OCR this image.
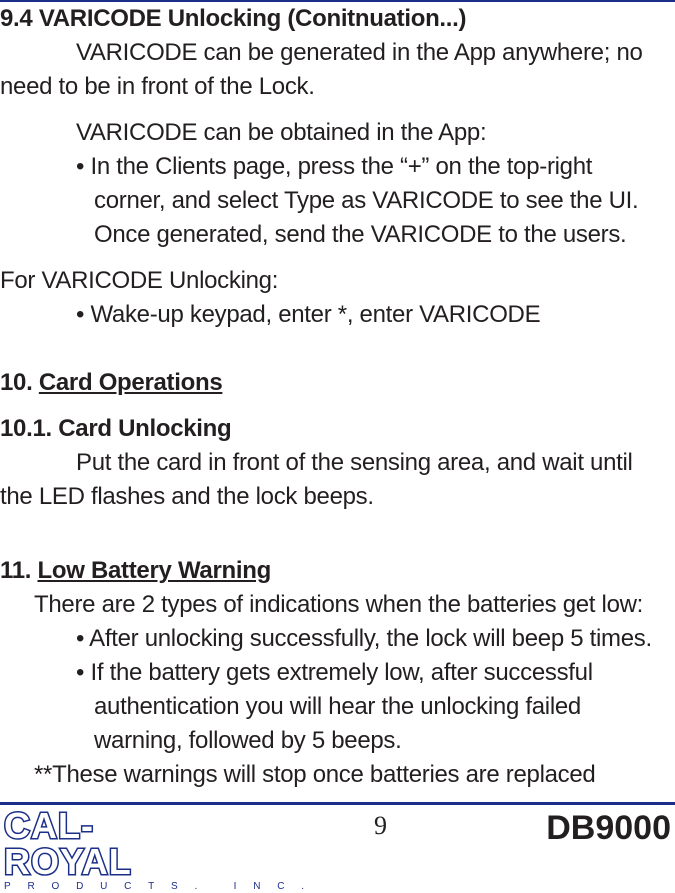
9.4 VARICODE Unlocking (Conitnuation...)
VARICODE can be generated in the App anywhere; no
need to be in front of the Lock.
VARICODE can be obtained in the App:
• In the Clients page, press the “+” on the top-right
corner, and select Type as VARICODE to see the UI.
Once generated, send the VARICODE to the users.
For VARICODE Unlocking:
• Wake-up keypad, enter *, enter VARICODE
10. Card Operations
10.1. Card Unlocking
Put the card in front of the sensing area, and wait until
the LED flashes and the lock beeps.
11. Low Battery Warning
There are 2 types of indications when the batteries get low:
• After unlocking successfully, the lock will beep 5 times.
• If the battery gets extremely low, after successful
authentication you will hear the unlocking failed
warning, followed by 5 beeps.
**These warnings will stop once batteries are replaced
CAL-ROYAL
PRODUCTS. INC.
9	DB9000
